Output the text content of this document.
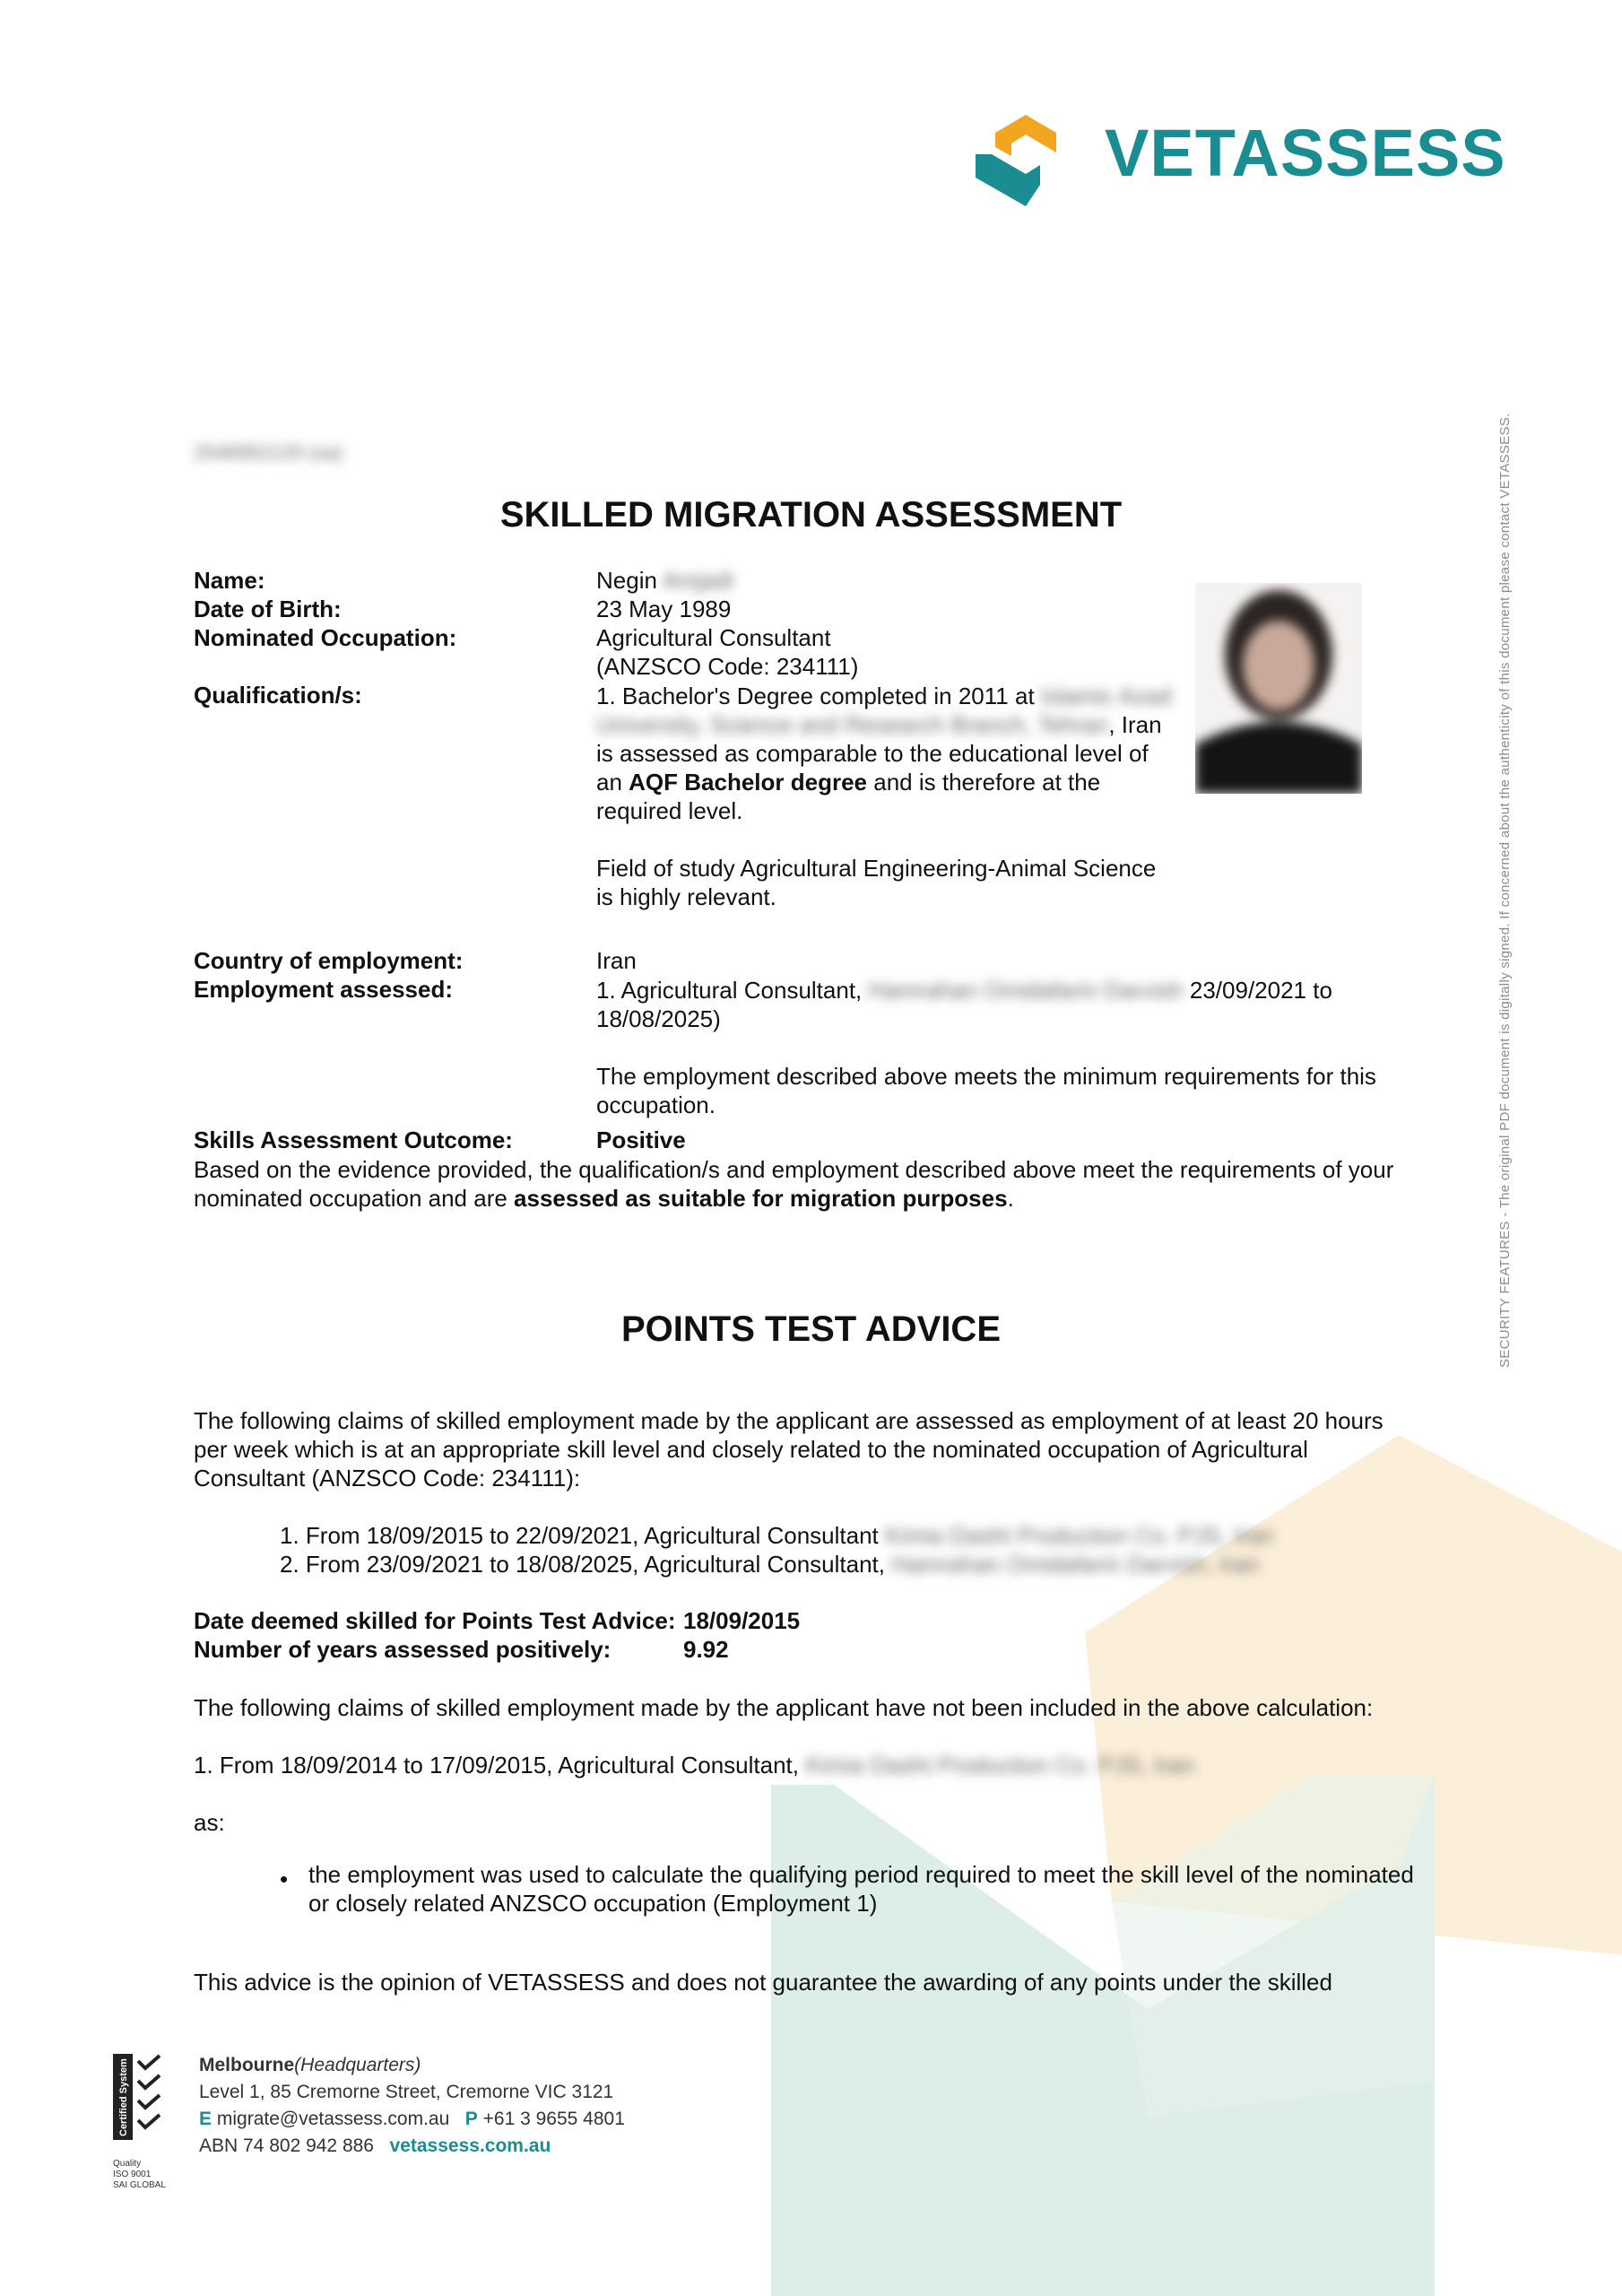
VETASSESS
SECURITY FEATURES - The original PDF document is digitally signed. If concerned about the authenticity of this document please contact VETASSESS.
2546952120 (sa)
SKILLED MIGRATION ASSESSMENT
Name:	Negin Amjadi
Date of Birth:	23 May 1989
Nominated Occupation:	Agricultural Consultant
(ANZSCO Code: 234111)
Qualification/s:	1. Bachelor's Degree completed in 2011 at Islamic Azad
University, Science and Research Branch, Tehran, Iran
is assessed as comparable to the educational level of
an AQF Bachelor degree and is therefore at the
required level.
Field of study Agricultural Engineering-Animal Science
is highly relevant.
Country of employment:	Iran
Employment assessed:	1. Agricultural Consultant, Hamrahan Omidafarin Darvish 23/09/2021 to
18/08/2025)
The employment described above meets the minimum requirements for this
occupation.
Skills Assessment Outcome:	Positive
Based on the evidence provided, the qualification/s and employment described above meet the requirements of your
nominated occupation and are assessed as suitable for migration purposes.
POINTS TEST ADVICE
The following claims of skilled employment made by the applicant are assessed as employment of at least 20 hours
per week which is at an appropriate skill level and closely related to the nominated occupation of Agricultural
Consultant (ANZSCO Code: 234111):
1. From 18/09/2015 to 22/09/2021, Agricultural Consultant Kimia Dasht Production Co. PJS, Iran
2. From 23/09/2021 to 18/08/2025, Agricultural Consultant, Hamrahan Omidafarin Darvish, Iran
Date deemed skilled for Points Test Advice: 18/09/2015
Number of years assessed positively:	9.92
The following claims of skilled employment made by the applicant have not been included in the above calculation:
1. From 18/09/2014 to 17/09/2015, Agricultural Consultant, Kimia Dasht Production Co. PJS, Iran
as:
• the employment was used to calculate the qualifying period required to meet the skill level of the nominated
or closely related ANZSCO occupation (Employment 1)
This advice is the opinion of VETASSESS and does not guarantee the awarding of any points under the skilled
Certified System
Quality
ISO 9001
SAI GLOBAL
Melbourne(Headquarters)
Level 1, 85 Cremorne Street, Cremorne VIC 3121
E migrate@vetassess.com.au P +61 3 9655 4801
ABN 74 802 942 886 vetassess.com.au
